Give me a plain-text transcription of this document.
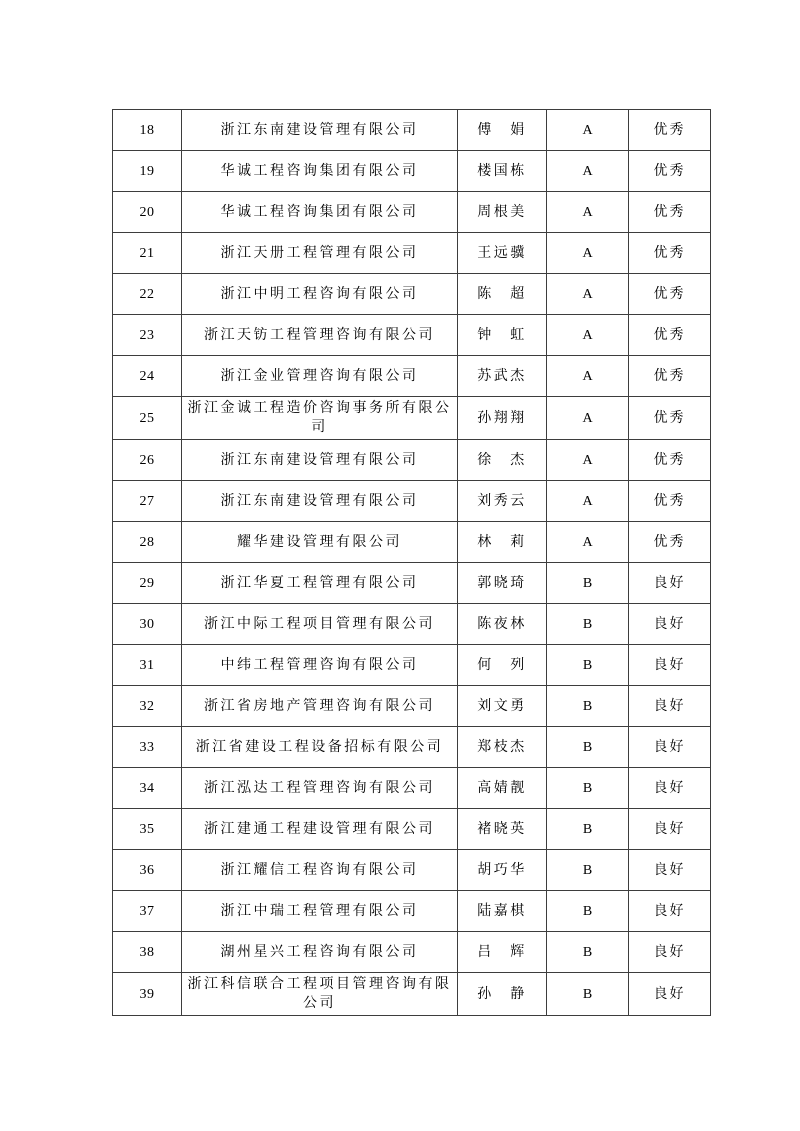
18	浙江东南建设管理有限公司	傅　娟	A	优秀
19	华诚工程咨询集团有限公司	楼国栋	A	优秀
20	华诚工程咨询集团有限公司	周根美	A	优秀
21	浙江天册工程管理有限公司	王远骥	A	优秀
22	浙江中明工程咨询有限公司	陈　超	A	优秀
23	浙江天钫工程管理咨询有限公司	钟　虹	A	优秀
24	浙江金业管理咨询有限公司	苏武杰	A	优秀
25	浙江金诚工程造价咨询事务所有限公司	孙翔翔	A	优秀
26	浙江东南建设管理有限公司	徐　杰	A	优秀
27	浙江东南建设管理有限公司	刘秀云	A	优秀
28	耀华建设管理有限公司	林　莉	A	优秀
29	浙江华夏工程管理有限公司	郭晓琦	B	良好
30	浙江中际工程项目管理有限公司	陈夜林	B	良好
31	中纬工程管理咨询有限公司	何　列	B	良好
32	浙江省房地产管理咨询有限公司	刘文勇	B	良好
33	浙江省建设工程设备招标有限公司	郑枝杰	B	良好
34	浙江泓达工程管理咨询有限公司	高婧靓	B	良好
35	浙江建通工程建设管理有限公司	褚晓英	B	良好
36	浙江耀信工程咨询有限公司	胡巧华	B	良好
37	浙江中瑞工程管理有限公司	陆嘉棋	B	良好
38	湖州星兴工程咨询有限公司	吕　辉	B	良好
39	浙江科信联合工程项目管理咨询有限公司	孙　静	B	良好
